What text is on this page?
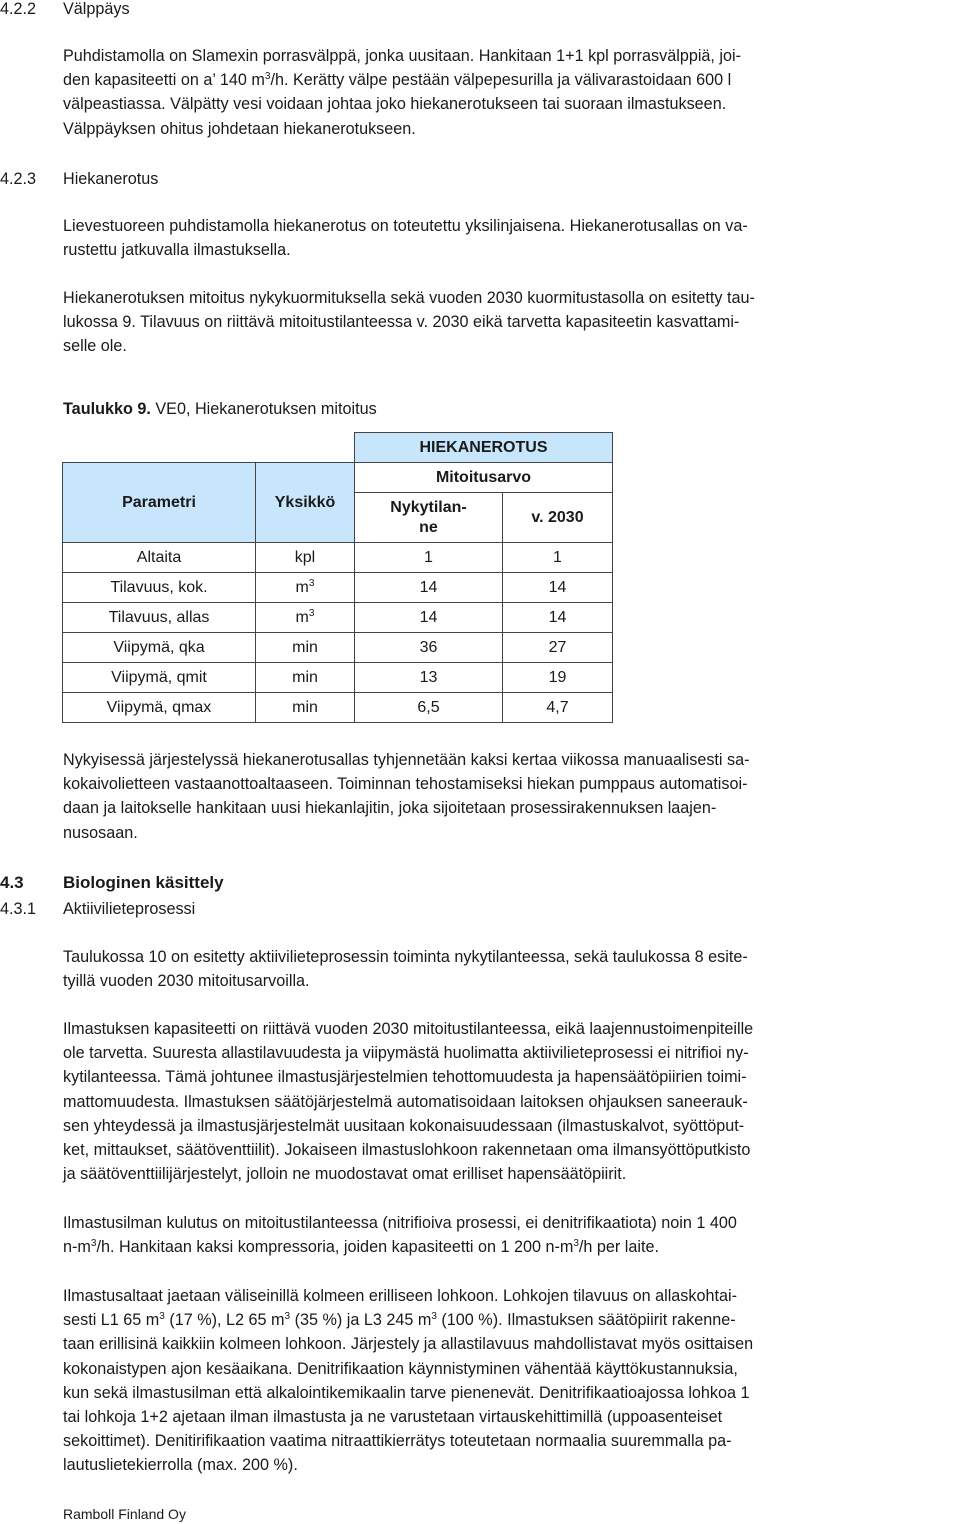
4.2.2 Välppäys

Puhdistamolla on Slamexin porrasvälppä, jonka uusitaan. Hankitaan 1+1 kpl porrasvälppiä, joi-
den kapasiteetti on a’ 140 $m^3/h$. Kerätty välpe pestään välpepesurilla ja välivarastoidaan 600 l
välpeastiassa. Välpätty vesi voidaan johtaa joko hiekanerotukseen tai suoraan ilmastukseen.
Välppäyksen ohitus johdetaan hiekanerotukseen.

4.2.3 Hiekanerotus

Lievestuoreen puhdistamolla hiekanerotus on toteutettu yksilinjaisena. Hiekanerotusallas on va-
rustettu jatkuvalla ilmastuksella.

Hiekanerotuksen mitoitus nykykuormituksella sekä vuoden 2030 kuormitustasolla on esitetty tau-
lukossa 9. Tilavuus on riittävä mitoitustilanteessa v. 2030 eikä tarvetta kapasiteetin kasvattami-
selle ole.

Taulukko 9. VE0, Hiekanerotuksen mitoitus
		HIEKANEROTUS	
Parametri	Yksikkö	Mitoitusarvo	
		Nykytilan-
ne	v. 2030
Altaita	kpl	1	1
Tilavuus, kok.	$m^3$	14	14
Tilavuus, allas	$m^3$	14	14
Viipymä, qka	min	36	27
Viipymä, qmit	min	13	19
Viipymä, qmax	min	6,5	4,7

Nykyisessä järjestelyssä hiekanerotusallas tyhjennetään kaksi kertaa viikossa manuaalisesti sa-
kokaivolietteen vastaanottoaltaaseen. Toiminnan tehostamiseksi hiekan pumppaus automatisoi-
daan ja laitokselle hankitaan uusi hiekanlajitin, joka sijoitetaan prosessirakennuksen laajen-
nusosaan.

4.3 Biologinen käsittely
4.3.1 Aktiivilieteprosessi

Taulukossa 10 on esitetty aktiivilieteprosessin toiminta nykytilanteessa, sekä taulukossa 8 esite-
tyillä vuoden 2030 mitoitusarvoilla.

Ilmastuksen kapasiteetti on riittävä vuoden 2030 mitoitustilanteessa, eikä laajennustoimenpiteille
ole tarvetta. Suuresta allastilavuudesta ja viipymästä huolimatta aktiivilieteprosessi ei nitrifioi ny-
kytilanteessa. Tämä johtunee ilmastusjärjestelmien tehottomuudesta ja hapensäätöpiirien toimi-
mattomuudesta. Ilmastuksen säätöjärjestelmä automatisoidaan laitoksen ohjauksen saneerauk-
sen yhteydessä ja ilmastusjärjestelmät uusitaan kokonaisuudessaan (ilmastuskalvot, syöttöput-
ket, mittaukset, säätöventtiilit). Jokaiseen ilmastuslohkoon rakennetaan oma ilmansyöttöputkisto
ja säätöventtiilijärjestelyt, jolloin ne muodostavat omat erilliset hapensäätöpiirit.

Ilmastusilman kulutus on mitoitustilanteessa (nitrifioiva prosessi, ei denitrifikaatiota) noin 1 400
$n-m^3/h$. Hankitaan kaksi kompressoria, joiden kapasiteetti on 1 200 $n-m^3/h$ per laite.

Ilmastusaltaat jaetaan väliseinillä kolmeen erilliseen lohkoon. Lohkojen tilavuus on allaskohtai-
sesti L1 65 $m^3$ (17 %), L2 65 $m^3$ (35 %) ja L3 245 $m^3$ (100 %). Ilmastuksen säätöpiirit rakenne-
taan erillisinä kaikkiin kolmeen lohkoon. Järjestely ja allastilavuus mahdollistavat myös osittaisen
kokonaistypen ajon kesäaikana. Denitrifikaation käynnistyminen vähentää käyttökustannuksia,
kun sekä ilmastusilman että alkalointikemikaalin tarve pienenevät. Denitrifikaatioajossa lohkoa 1
tai lohkoja 1+2 ajetaan ilman ilmastusta ja ne varustetaan virtauskehittimillä (uppoasenteiset
sekoittimet). Denitirifikaation vaatima nitraattikierrätys toteutetaan normaalia suuremmalla pa-
lautuslietekierrolla (max. 200 %).

Ramboll Finland Oy
